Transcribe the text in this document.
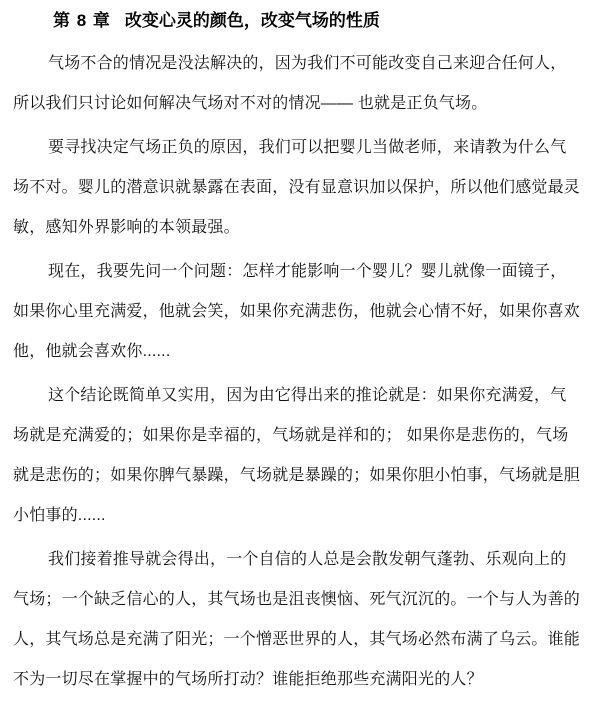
第 8 章 改变心灵的颜色，改变气场的性质

气场不合的情况是没法解决的，因为我们不可能改变自己来迎合任何人，
所以我们只讨论如何解决气场对不对的情况—— 也就是正负气场。

要寻找决定气场正负的原因，我们可以把婴儿当做老师，来请教为什么气
场不对。婴儿的潜意识就暴露在表面，没有显意识加以保护，所以他们感觉最灵
敏，感知外界影响的本领最强。

现在，我要先问一个问题：怎样才能影响一个婴儿？婴儿就像一面镜子，
如果你心里充满爱，他就会笑，如果你充满悲伤，他就会心情不好，如果你喜欢
他，他就会喜欢你......

这个结论既简单又实用，因为由它得出来的推论就是：如果你充满爱，气
场就是充满爱的；如果你是幸福的，气场就是祥和的； 如果你是悲伤的，气场
就是悲伤的；如果你脾气暴躁，气场就是暴躁的；如果你胆小怕事，气场就是胆
小怕事的......

我们接着推导就会得出，一个自信的人总是会散发朝气蓬勃、乐观向上的
气场；一个缺乏信心的人，其气场也是沮丧懊恼、死气沉沉的。一个与人为善的
人，其气场总是充满了阳光；一个憎恶世界的人，其气场必然布满了乌云。谁能
不为一切尽在掌握中的气场所打动？谁能拒绝那些充满阳光的人？
